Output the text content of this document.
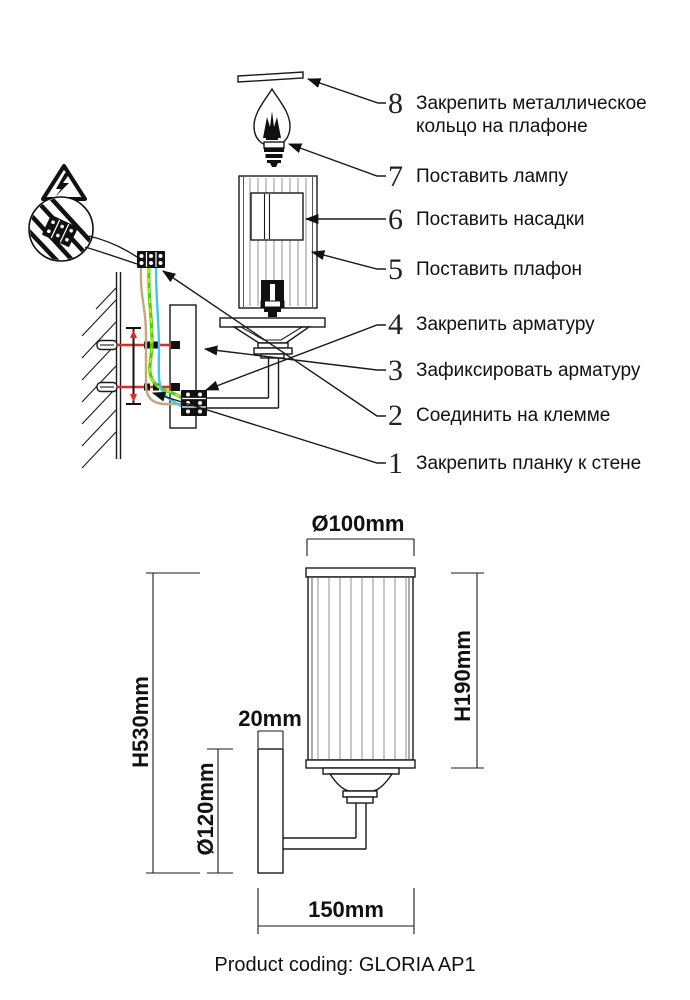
8 Закрепить металлическое кольцо на плафоне
7 Поставить лампу
6 Поставить насадки
5 Поставить плафон
4 Закрепить арматуру
3 Зафиксировать арматуру
2 Соединить на клемме
1 Закрепить планку к стене
Ø100mm
H530mm
H190mm
Ø120mm
20mm
150mm
Product coding: GLORIA AP1
